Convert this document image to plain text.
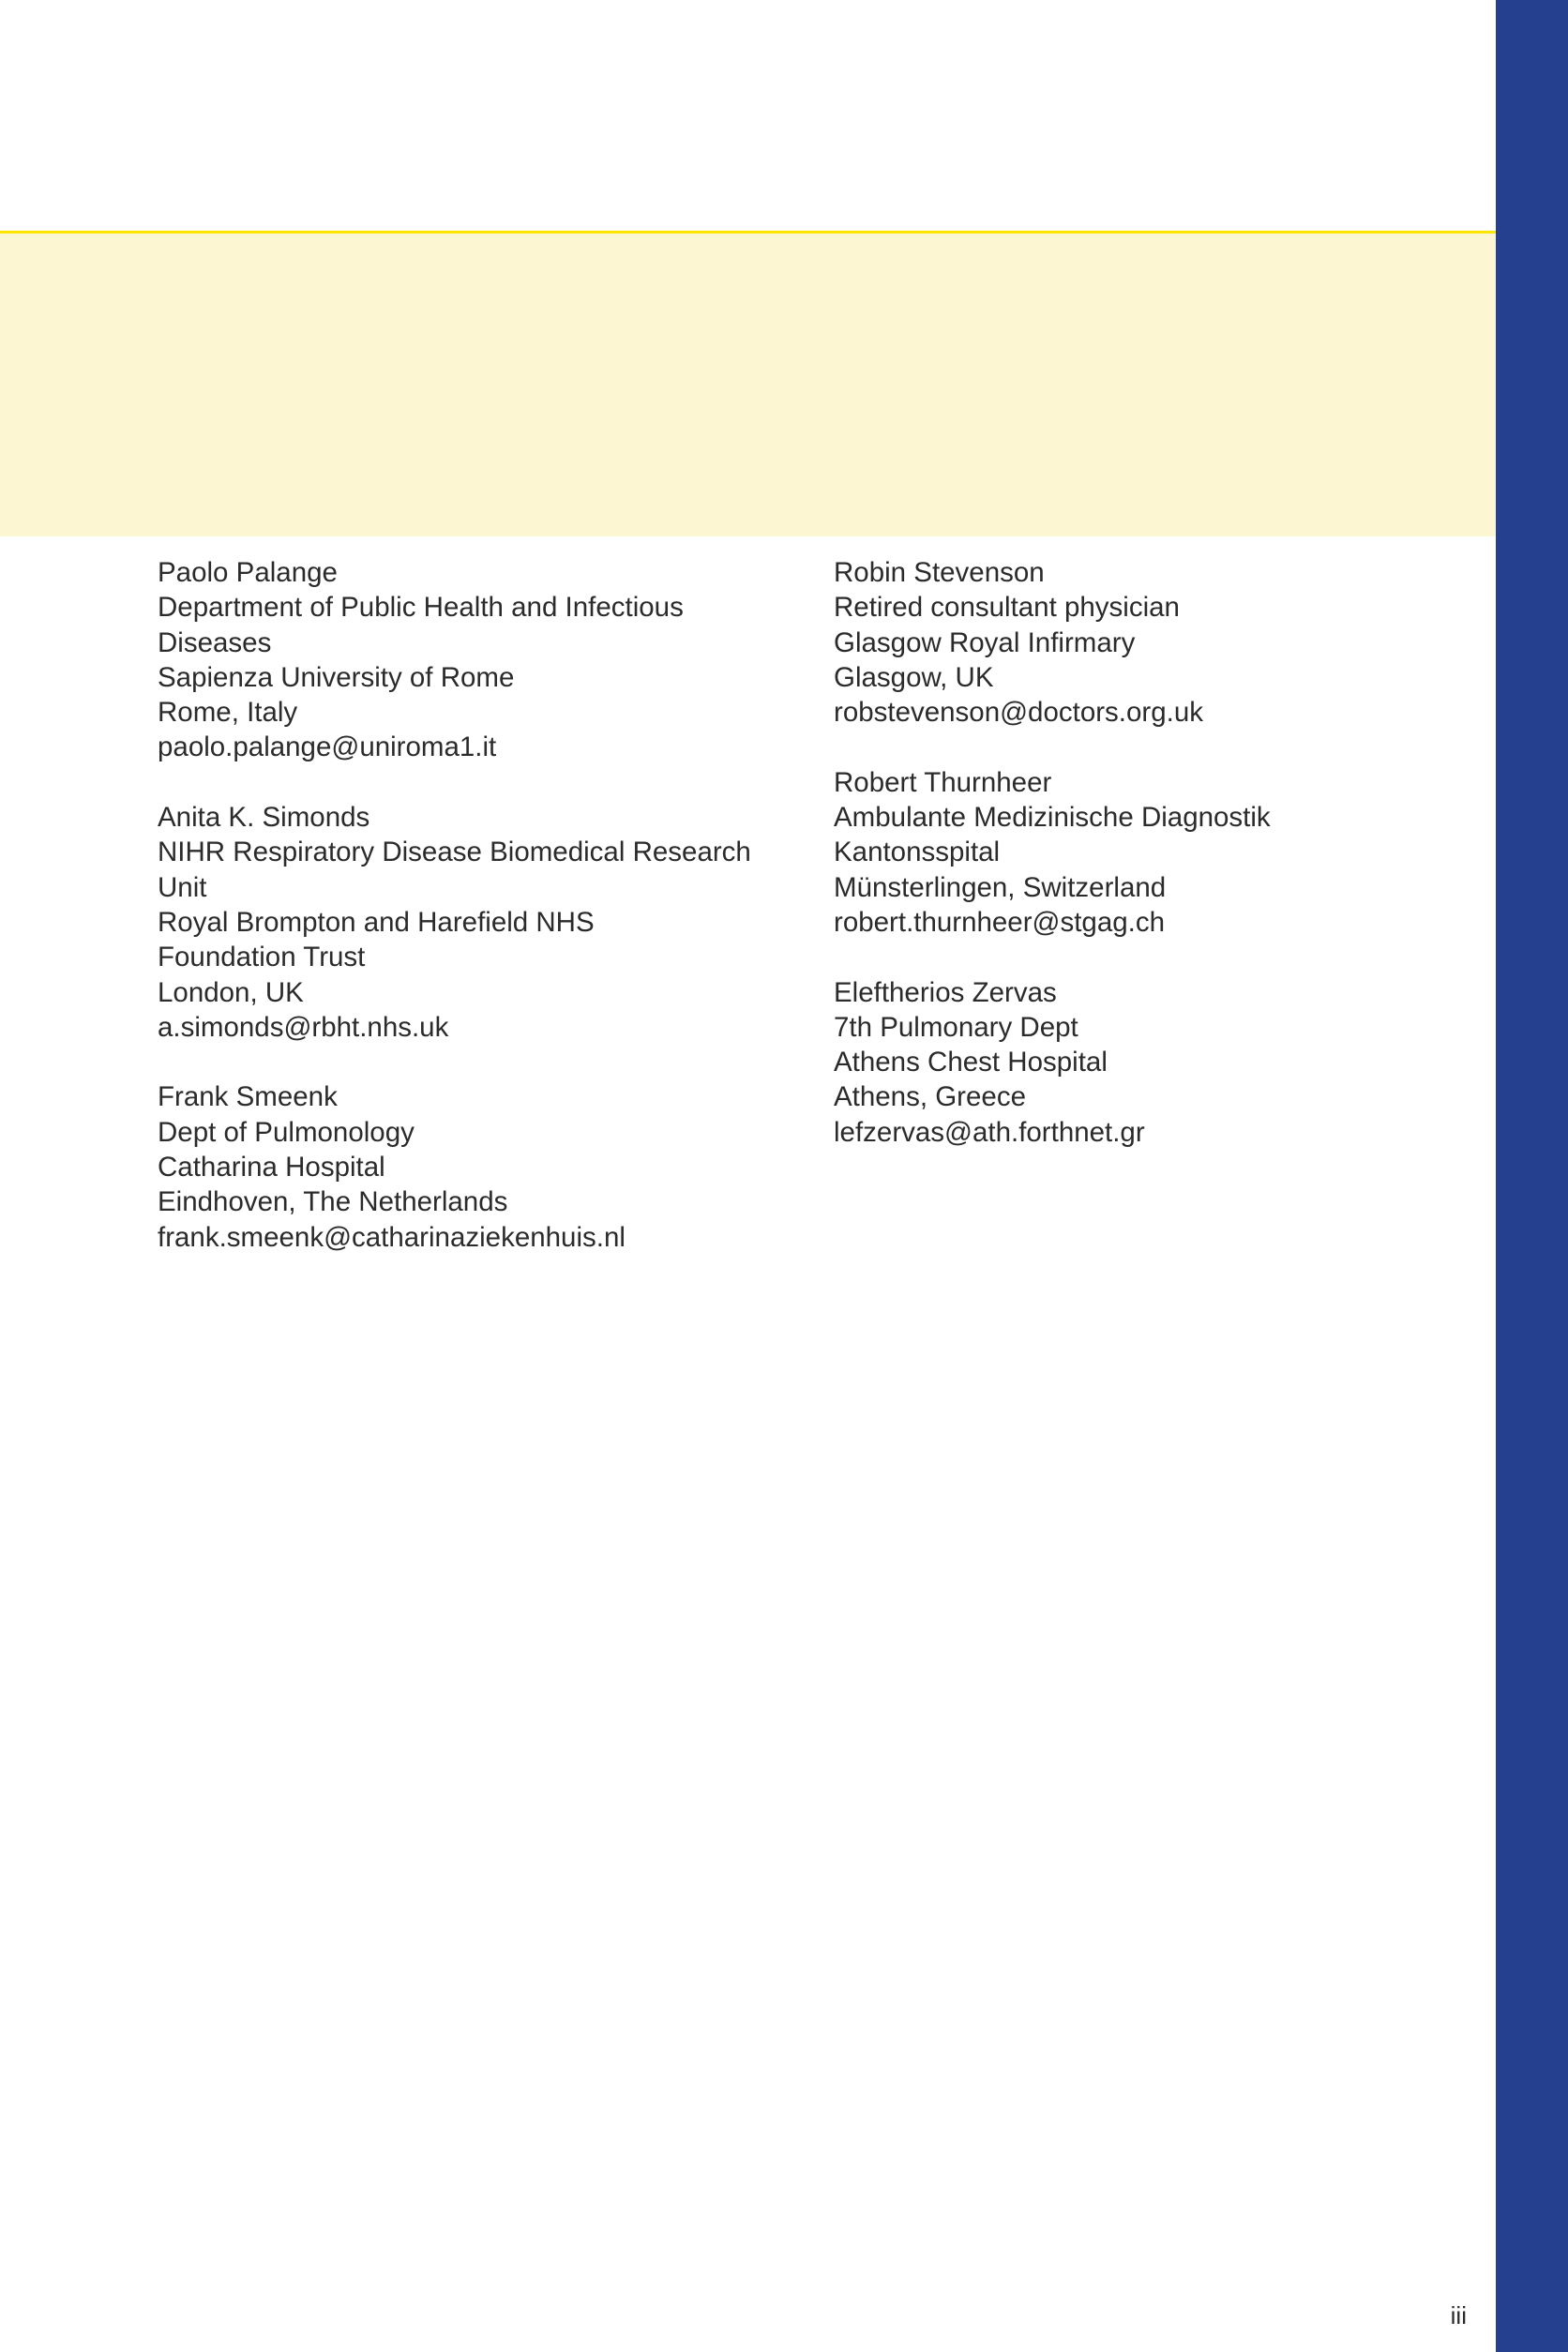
Paolo Palange
Department of Public Health and Infectious
Diseases
Sapienza University of Rome
Rome, Italy
paolo.palange@uniroma1.it
Anita K. Simonds
NIHR Respiratory Disease Biomedical Research
Unit
Royal Brompton and Harefield NHS
Foundation Trust
London, UK
a.simonds@rbht.nhs.uk
Frank Smeenk
Dept of Pulmonology
Catharina Hospital
Eindhoven, The Netherlands
frank.smeenk@catharinaziekenhuis.nl
Robin Stevenson
Retired consultant physician
Glasgow Royal Infirmary
Glasgow, UK
robstevenson@doctors.org.uk
Robert Thurnheer
Ambulante Medizinische Diagnostik
Kantonsspital
Münsterlingen, Switzerland
robert.thurnheer@stgag.ch
Eleftherios Zervas
7th Pulmonary Dept
Athens Chest Hospital
Athens, Greece
lefzervas@ath.forthnet.gr
iii
